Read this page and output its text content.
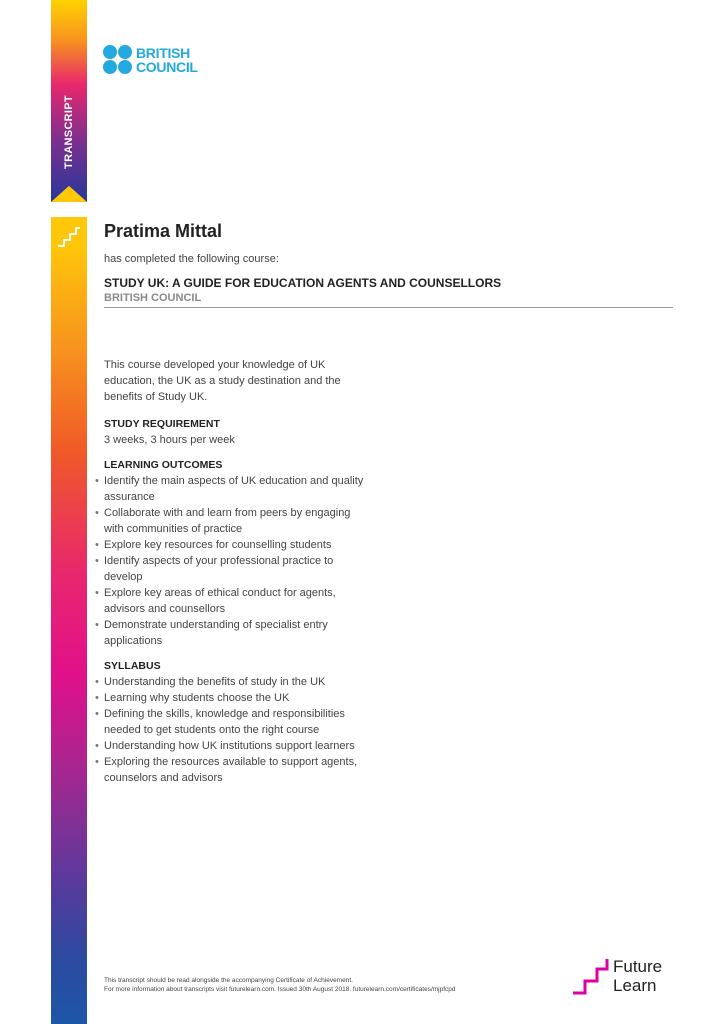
TRANSCRIPT
BRITISH
COUNCIL
Pratima Mittal
has completed the following course:
STUDY UK: A GUIDE FOR EDUCATION AGENTS AND COUNSELLORS
BRITISH COUNCIL

This course developed your knowledge of UK education, the UK as a study destination and the benefits of Study UK.

STUDY REQUIREMENT

3 weeks, 3 hours per week

LEARNING OUTCOMES
• Identify the main aspects of UK education and quality assurance
• Collaborate with and learn from peers by engaging with communities of practice
• Explore key resources for counselling students
• Identify aspects of your professional practice to develop
• Explore key areas of ethical conduct for agents, advisors and counsellors
• Demonstrate understanding of specialist entry applications
SYLLABUS
• Understanding the benefits of study in the UK
• Learning why students choose the UK
• Defining the skills, knowledge and responsibilities needed to get students onto the right course
• Understanding how UK institutions support learners
• Exploring the resources available to support agents, counselors and advisors
This transcript should be read alongside the accompanying Certificate of Achievement.
For more information about transcripts visit futurelearn.com. Issued 30th August 2018. futurelearn.com/certificates/mjpfcpd
Future
Learn
